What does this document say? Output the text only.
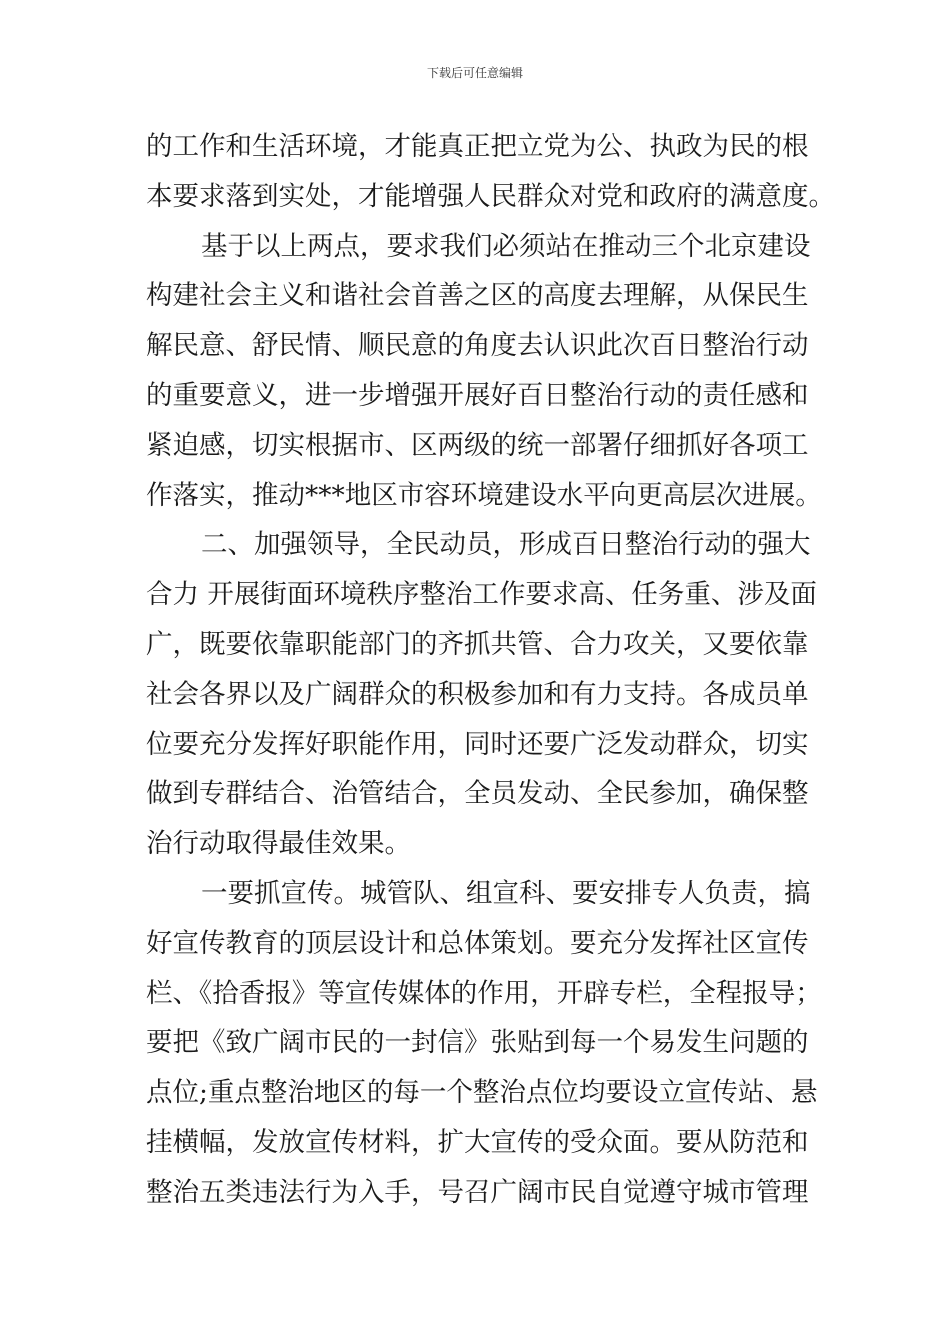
下载后可任意编辑
的工作和生活环境，才能真正把立党为公、执政为民的根
本要求落到实处，才能增强人民群众对党和政府的满意度。
基于以上两点，要求我们必须站在推动三个北京建设
构建社会主义和谐社会首善之区的高度去理解，从保民生
解民意、舒民情、顺民意的角度去认识此次百日整治行动
的重要意义，进一步增强开展好百日整治行动的责任感和
紧迫感，切实根据市、区两级的统一部署仔细抓好各项工
作落实，推动***地区市容环境建设水平向更高层次进展。
二、加强领导，全民动员，形成百日整治行动的强大
合力 开展街面环境秩序整治工作要求高、任务重、涉及面
广，既要依靠职能部门的齐抓共管、合力攻关，又要依靠
社会各界以及广阔群众的积极参加和有力支持。各成员单
位要充分发挥好职能作用，同时还要广泛发动群众，切实
做到专群结合、治管结合，全员发动、全民参加，确保整
治行动取得最佳效果。
一要抓宣传。城管队、组宣科、要安排专人负责，搞
好宣传教育的顶层设计和总体策划。要充分发挥社区宣传
栏、《拾香报》等宣传媒体的作用，开辟专栏，全程报导；
要把《致广阔市民的一封信》张贴到每一个易发生问题的
点位;重点整治地区的每一个整治点位均要设立宣传站、悬
挂横幅，发放宣传材料，扩大宣传的受众面。要从防范和
整治五类违法行为入手，号召广阔市民自觉遵守城市管理
